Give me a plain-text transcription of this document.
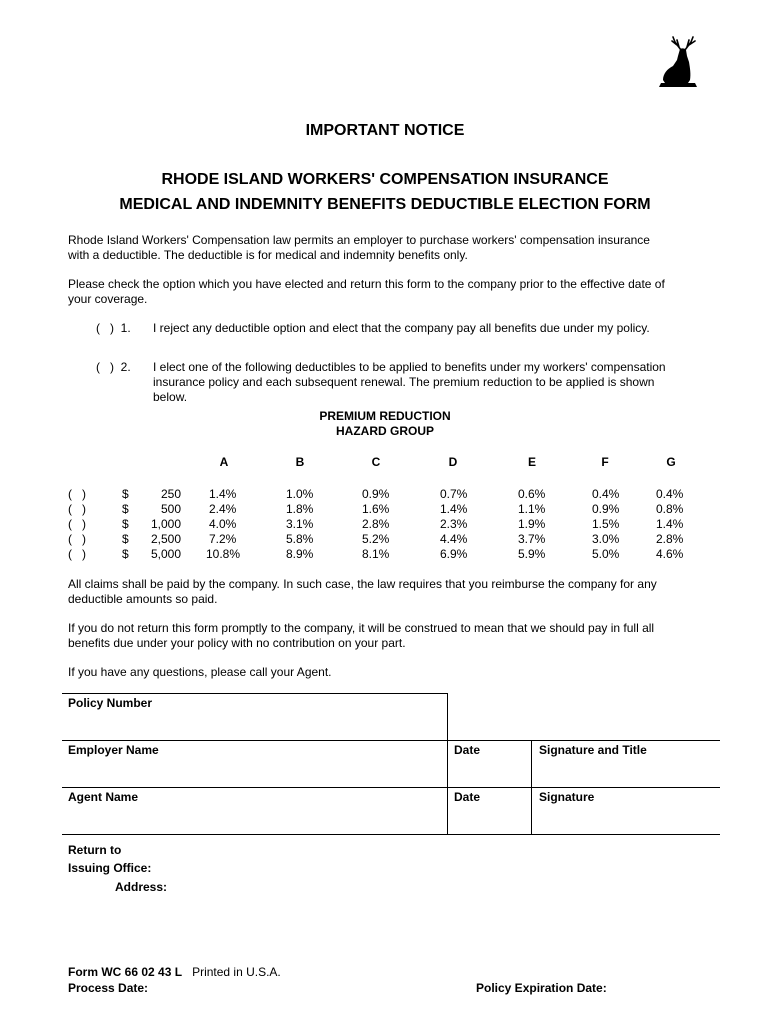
IMPORTANT NOTICE
RHODE ISLAND WORKERS' COMPENSATION INSURANCE
MEDICAL AND INDEMNITY BENEFITS DEDUCTIBLE ELECTION FORM
Rhode Island Workers' Compensation law permits an employer to purchase workers' compensation insurance
with a deductible. The deductible is for medical and indemnity benefits only.
Please check the option which you have elected and return this form to the company prior to the effective date of
your coverage.
(   )  1. I reject any deductible option and elect that the company pay all benefits due under my policy.
(   )  2. I elect one of the following deductibles to be applied to benefits under my workers' compensation
insurance policy and each subsequent renewal. The premium reduction to be applied is shown
below.
PREMIUM REDUCTION
HAZARD GROUP
A	B	C	D	E	F	G
(   )	$	250 1.4%	1.0%	0.9%	0.7%	0.6%	0.4%	0.4%
(   )	$	500 2.4%	1.8%	1.6%	1.4%	1.1%	0.9%	0.8%
(   )	$	1,000 4.0%	3.1%	2.8%	2.3%	1.9%	1.5%	1.4%
(   )	$	2,500 7.2%	5.8%	5.2%	4.4%	3.7%	3.0%	2.8%
(   )	$	5,000 10.8%	8.9%	8.1%	6.9%	5.9%	5.0%	4.6%
All claims shall be paid by the company. In such case, the law requires that you reimburse the company for any
deductible amounts so paid.
If you do not return this form promptly to the company, it will be construed to mean that we should pay in full all
benefits due under your policy with no contribution on your part.
If you have any questions, please call your Agent.
Policy Number
Employer Name	Date	Signature and Title
Agent Name	Date	Signature
Return to
Issuing Office:
Address:
Form WC 66 02 43 L Printed in U.S.A.
Process Date:	Policy Expiration Date:
